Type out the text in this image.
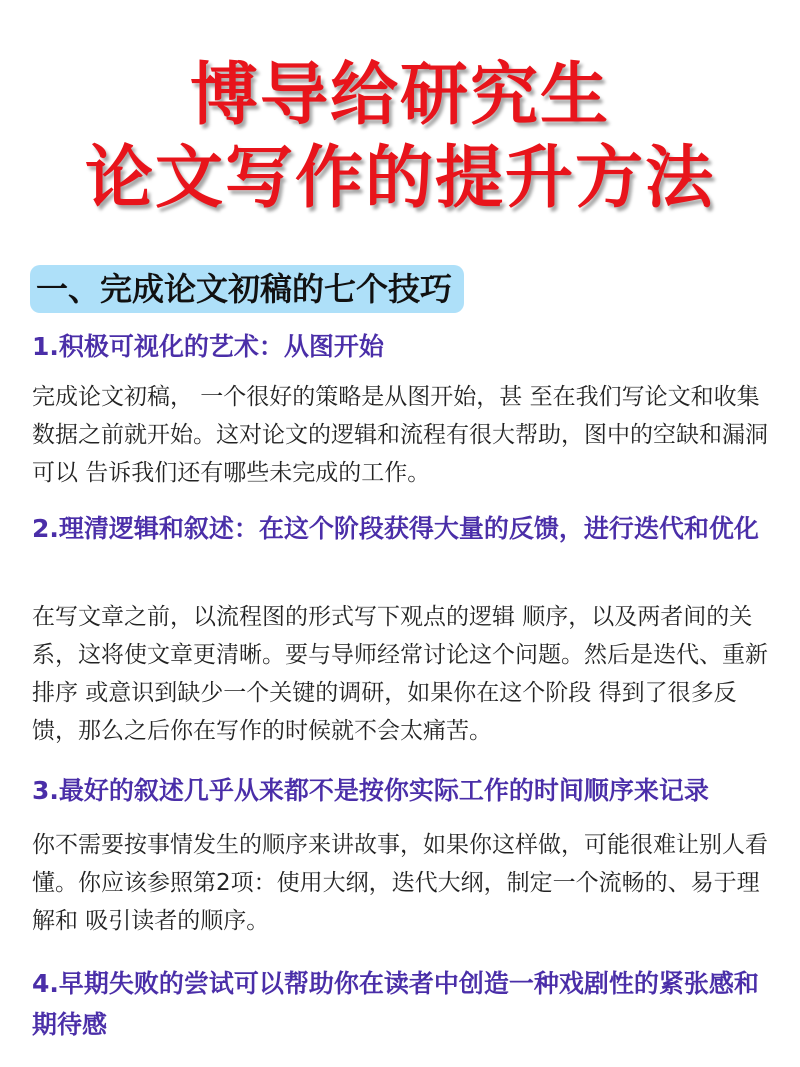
博导给研究生
论文写作的提升方法
一、完成论文初稿的七个技巧
1.积极可视化的艺术：从图开始
完成论文初稿， 一个很好的策略是从图开始，甚 至在我们写论文和收集数据之前就开始。这对论文的逻辑和流程有很大帮助，图中的空缺和漏洞可以 告诉我们还有哪些未完成的工作。
2.理清逻辑和叙述：在这个阶段获得大量的反馈，进行迭代和优化
在写文章之前，以流程图的形式写下观点的逻辑 顺序，以及两者间的关系，这将使文章更清晰。要与导师经常讨论这个问题。然后是迭代、重新排序 或意识到缺少一个关键的调研，如果你在这个阶段 得到了很多反馈，那么之后你在写作的时候就不会太痛苦。
3.最好的叙述几乎从来都不是按你实际工作的时间顺序来记录
你不需要按事情发生的顺序来讲故事，如果你这样做，可能很难让别人看懂。你应该参照第2项：使用大纲，迭代大纲，制定一个流畅的、易于理解和 吸引读者的顺序。
4.早期失败的尝试可以帮助你在读者中创造一种戏剧性的紧张感和期待感
